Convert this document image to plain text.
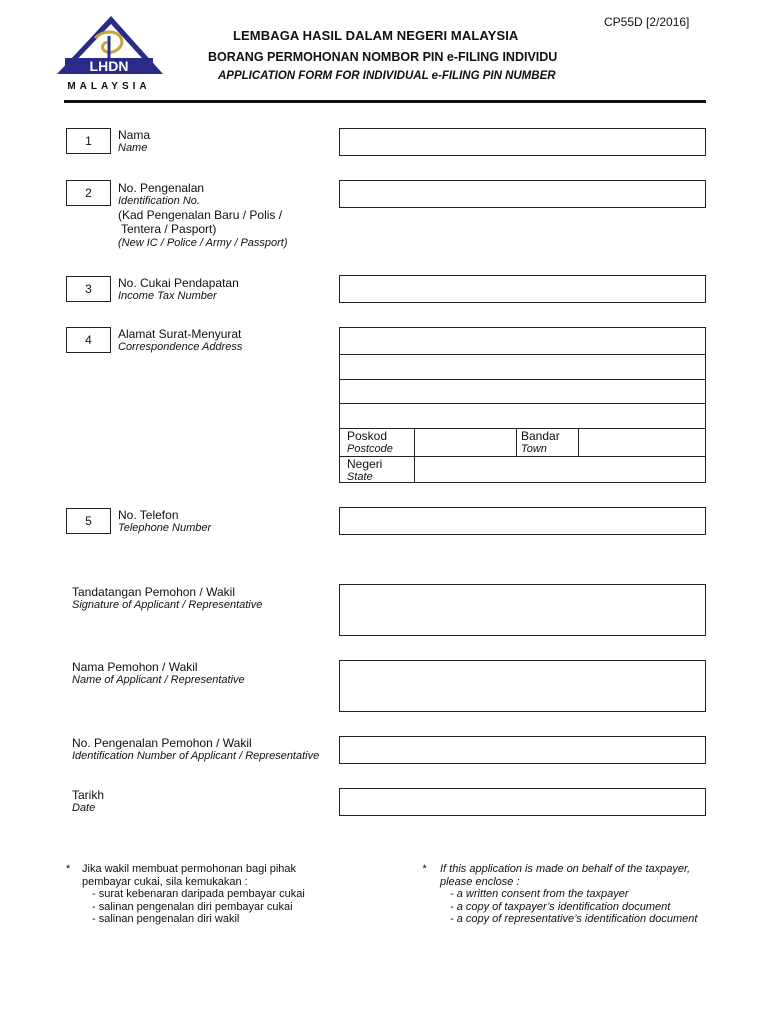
CP55D [2/2016]
LHDN
MALAYSIA
LEMBAGA HASIL DALAM NEGERI MALAYSIA
BORANG PERMOHONAN NOMBOR PIN e-FILING INDIVIDU
APPLICATION FORM FOR INDIVIDUAL e-FILING PIN NUMBER
1	Nama
Name
2	No. Pengenalan
Identification No.
(Kad Pengenalan Baru / Polis /
Tentera / Pasport)
(New IC / Police / Army / Passport)
3	No. Cukai Pendapatan
Income Tax Number
4	Alamat Surat-Menyurat
Correspondence Address
Poskod
Postcode
Bandar
Town
Negeri
State
5	No. Telefon
Telephone Number
Tandatangan Pemohon / Wakil
Signature of Applicant / Representative
Nama Pemohon / Wakil
Name of Applicant / Representative
No. Pengenalan Pemohon / Wakil
Identification Number of Applicant / Representative
Tarikh
Date
* Jika wakil membuat permohonan bagi pihak
pembayar cukai, sila kemukakan :
- surat kebenaran daripada pembayar cukai
- salinan pengenalan diri pembayar cukai
- salinan pengenalan diri wakil
* If this application is made on behalf of the taxpayer,
please enclose :
- a written consent from the taxpayer
- a copy of taxpayer’s identification document
- a copy of representative’s identification document
